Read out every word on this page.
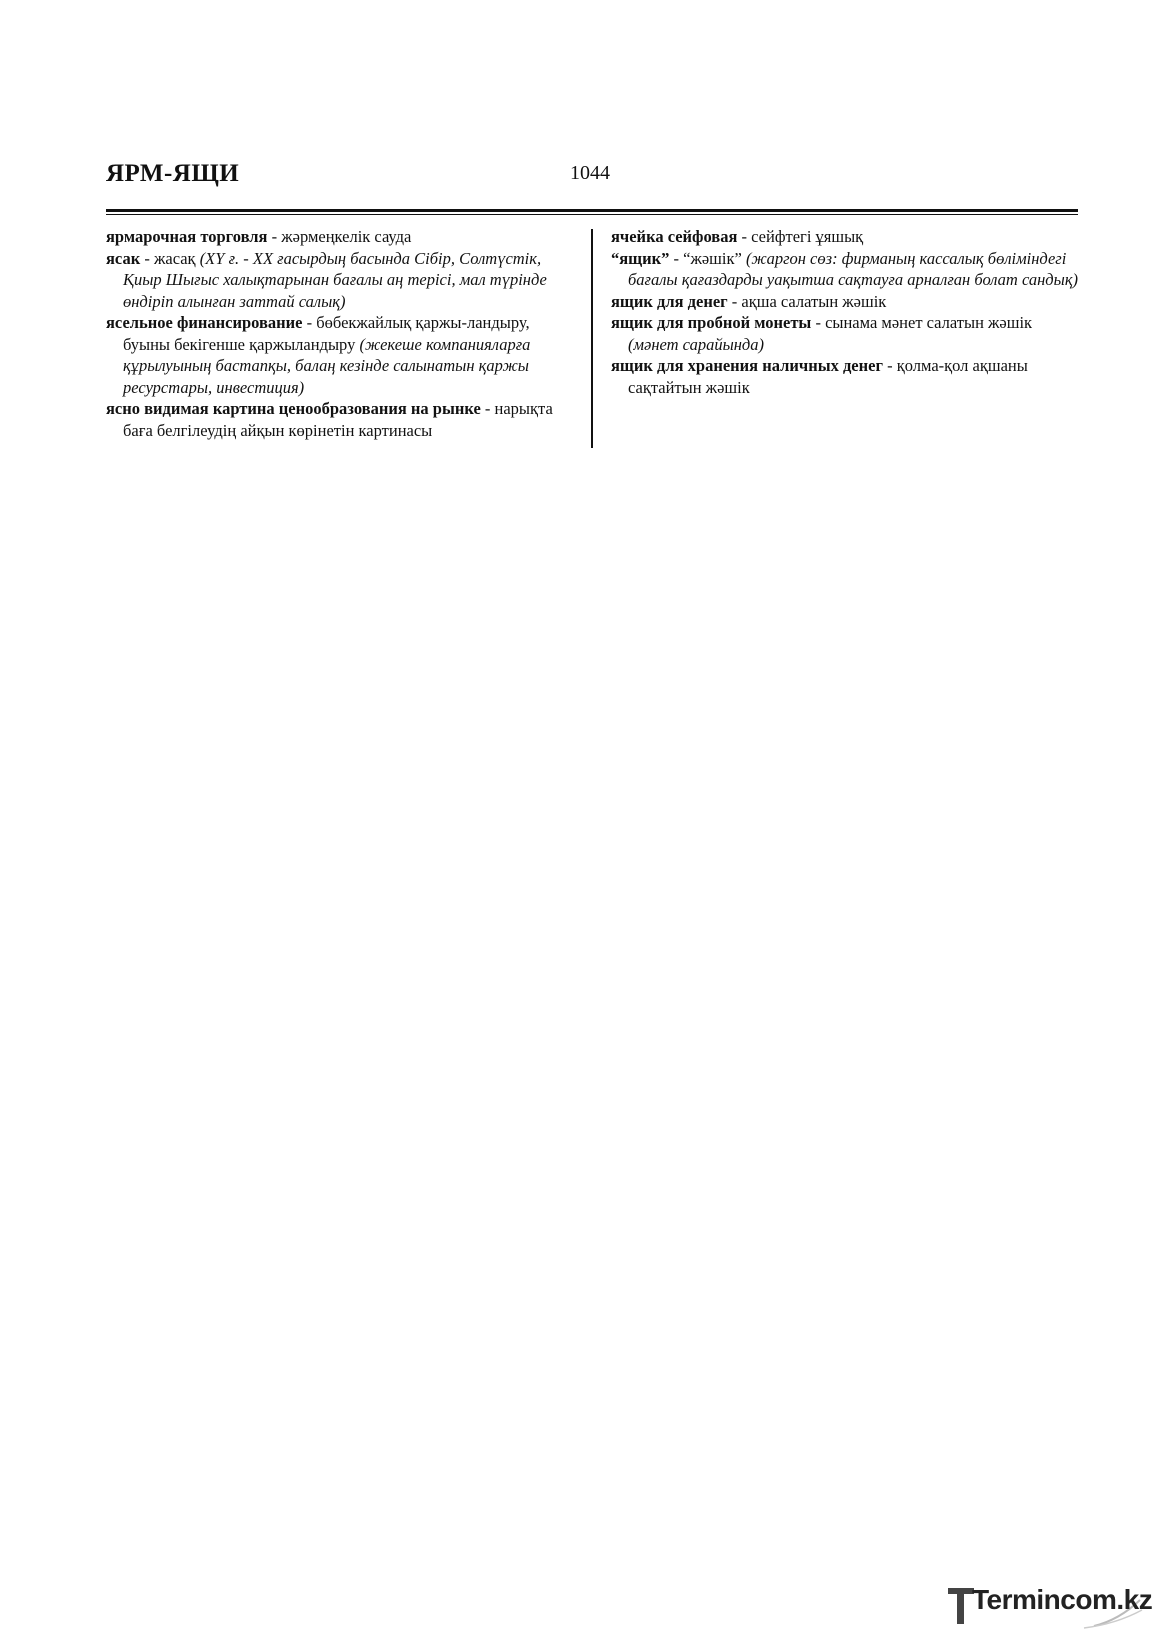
ЯРМ-ЯЩИ	1044

ярмарочная торговля - жәрмеңкелік сауда

ясак - жасақ (XY ғ. - XX ғасырдың басында Сібір, Солтүстік, Қиыр Шығыс халықтарынан бағалы аң терісі, мал түрінде өндіріп алынған заттай салық)

ясельное финансирование - бөбекжайлық қаржы-ландыру, буыны бекігенше қаржыландыру (жекеше компанияларға құрылуының бастапқы, балаң кезінде салынатын қаржы ресурстары, инвестиция)

ясно видимая картина ценообразования на рынке - нарықта баға белгілеудің айқын көрінетін картинасы

ячейка сейфовая - сейфтегі ұяшық

“ящик” - “жәшік” (жаргон сөз: фирманың кассалық бөліміндегі бағалы қағаздарды уақытша сақтауға арналған болат сандық)

ящик для денег - ақша салатын жәшік

ящик для пробной монеты - сынама мәнет салатын жәшік (мәнет сарайында)

ящик для хранения наличных денег - қолма-қол ақшаны сақтайтын жәшік

Termincom.kz
